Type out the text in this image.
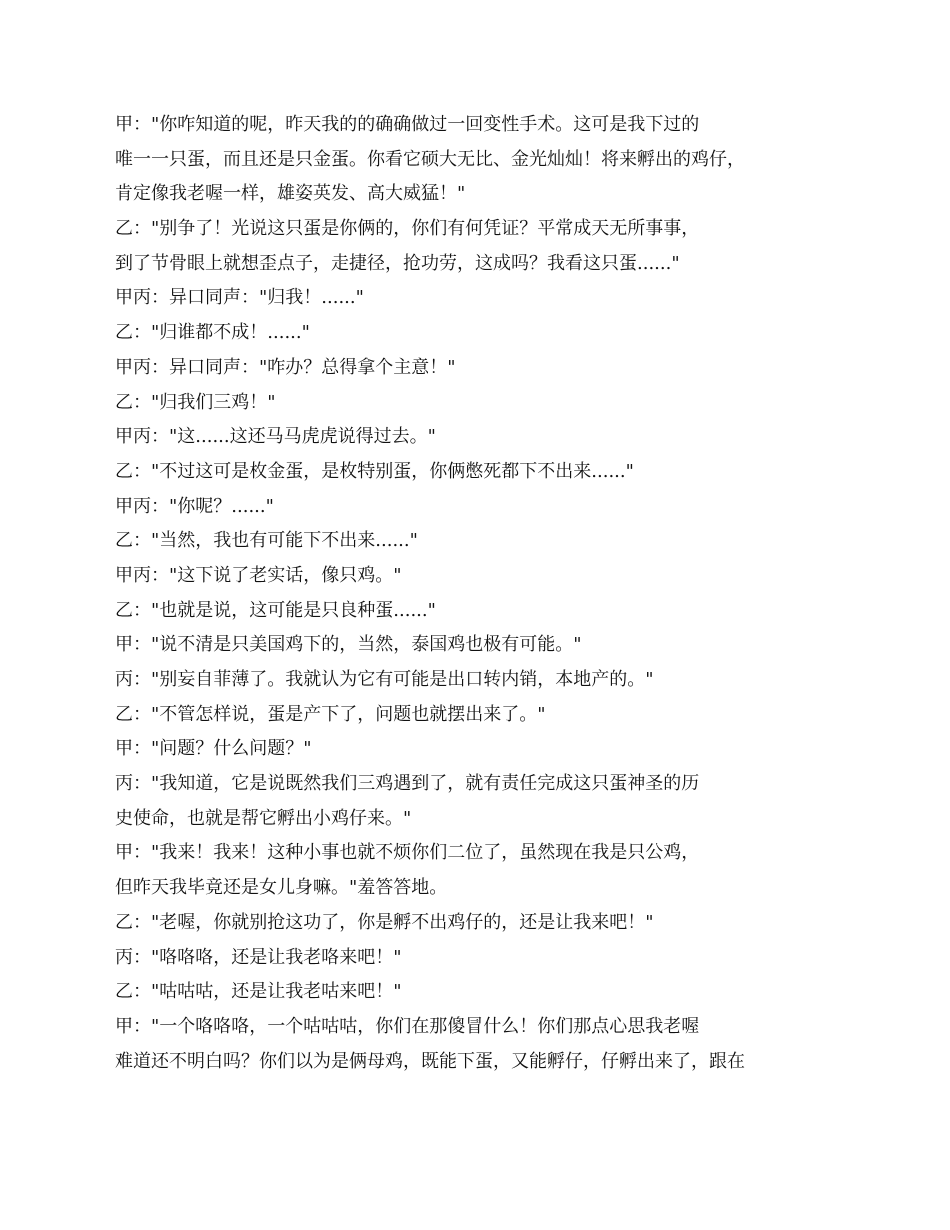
甲："你咋知道的呢，昨天我的的确确做过一回变性手术。这可是我下过的
唯一一只蛋，而且还是只金蛋。你看它硕大无比、金光灿灿！将来孵出的鸡仔，
肯定像我老喔一样，雄姿英发、高大威猛！"
乙："别争了！光说这只蛋是你俩的，你们有何凭证？平常成天无所事事，
到了节骨眼上就想歪点子，走捷径，抢功劳，这成吗？我看这只蛋......"
甲丙：异口同声："归我！......"
乙："归谁都不成！......"
甲丙：异口同声："咋办？总得拿个主意！"
乙："归我们三鸡！"
甲丙："这......这还马马虎虎说得过去。"
乙："不过这可是枚金蛋，是枚特别蛋，你俩憋死都下不出来......"
甲丙："你呢？......"
乙："当然，我也有可能下不出来......"
甲丙："这下说了老实话，像只鸡。"
乙："也就是说，这可能是只良种蛋......"
甲："说不清是只美国鸡下的，当然，泰国鸡也极有可能。"
丙："别妄自菲薄了。我就认为它有可能是出口转内销，本地产的。"
乙："不管怎样说，蛋是产下了，问题也就摆出来了。"
甲："问题？什么问题？"
丙："我知道，它是说既然我们三鸡遇到了，就有责任完成这只蛋神圣的历
史使命，也就是帮它孵出小鸡仔来。"
甲："我来！我来！这种小事也就不烦你们二位了，虽然现在我是只公鸡，
但昨天我毕竟还是女儿身嘛。"羞答答地。
乙："老喔，你就别抢这功了，你是孵不出鸡仔的，还是让我来吧！"
丙："咯咯咯，还是让我老咯来吧！"
乙："咕咕咕，还是让我老咕来吧！"
甲："一个咯咯咯，一个咕咕咕，你们在那傻冒什么！你们那点心思我老喔
难道还不明白吗？你们以为是俩母鸡，既能下蛋，又能孵仔，仔孵出来了，跟在
